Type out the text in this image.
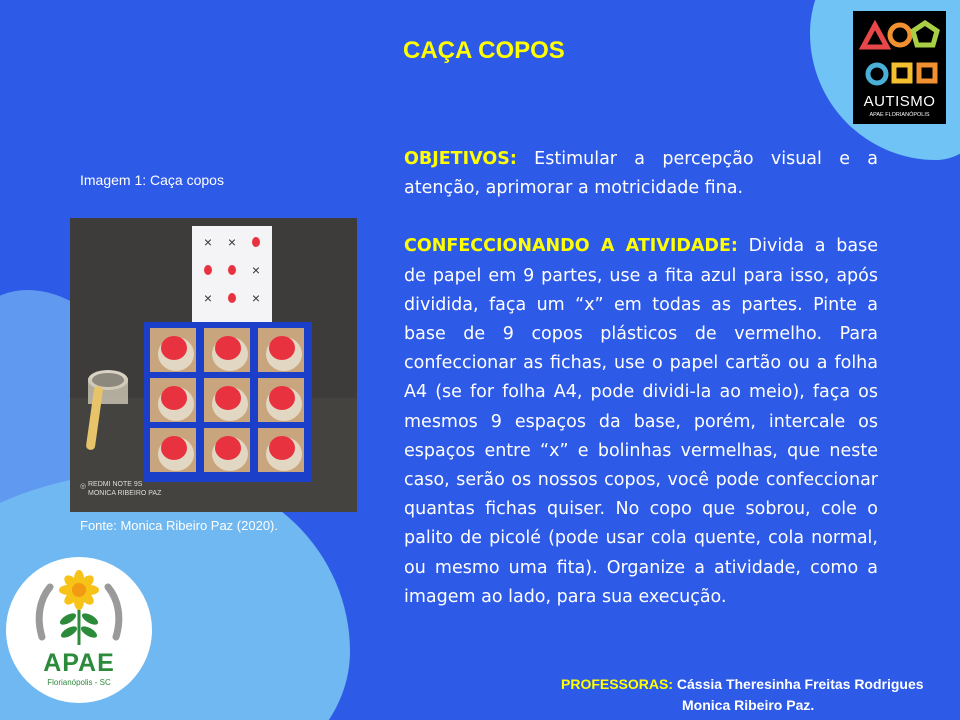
CAÇA COPOS
AUTISMO
APAE FLORIANÓPOLIS
Imagem 1: Caça copos
× ×
×
×	×
◎ REDMI NOTE 9S
MONICA RIBEIRO PAZ
Fonte: Monica Ribeiro Paz (2020).

OBJETIVOS: Estimular a percepção visual e a atenção, aprimorar a motricidade fina.

CONFECCIONANDO A ATIVIDADE: Divida a base de papel em 9 partes, use a fita azul para isso, após dividida, faça um “x” em todas as partes. Pinte a base de 9 copos plásticos de vermelho. Para confeccionar as fichas, use o papel cartão ou a folha A4 (se for folha A4, pode dividi-la ao meio), faça os mesmos 9 espaços da base, porém, intercale os espaços entre “x” e bolinhas vermelhas, que neste caso, serão os nossos copos, você pode confeccionar quantas fichas quiser. No copo que sobrou, cole o palito de picolé (pode usar cola quente, cola normal, ou mesmo uma fita). Organize a atividade, como a imagem ao lado, para sua execução.

APAE
Florianópolis - SC	PROFESSORAS: Cássia Theresinha Freitas Rodrigues
Monica Ribeiro Paz.
